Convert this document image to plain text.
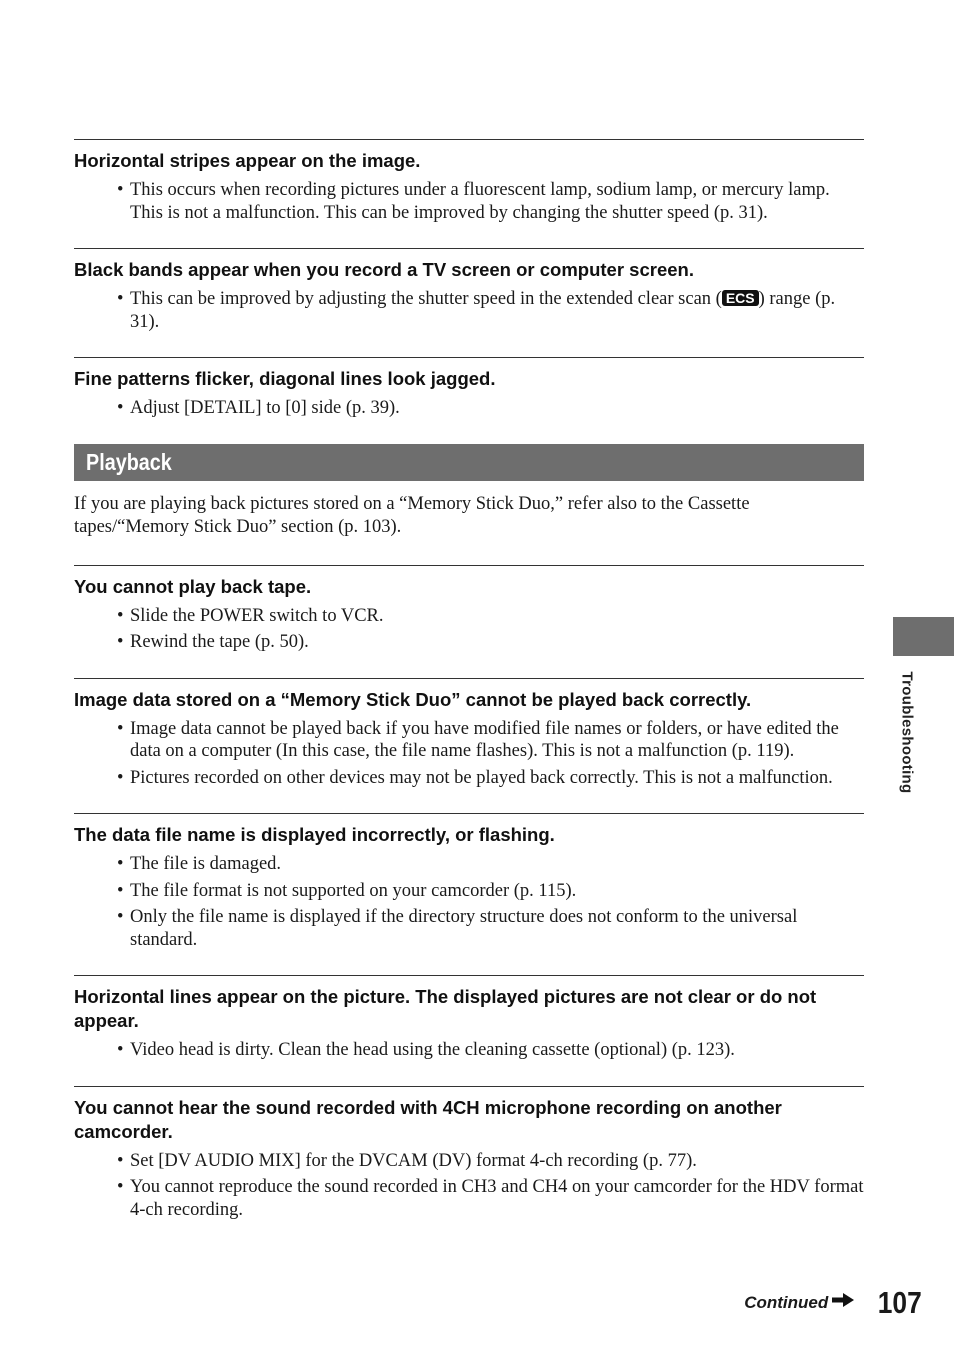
Horizontal stripes appear on the image.
• This occurs when recording pictures under a fluorescent lamp, sodium lamp, or mercury lamp. This is not a malfunction. This can be improved by changing the shutter speed (p. 31).
Black bands appear when you record a TV screen or computer screen.
• This can be improved by adjusting the shutter speed in the extended clear scan ( ECS ) range (p. 31).
Fine patterns flicker, diagonal lines look jagged.
• Adjust [DETAIL] to [0] side (p. 39).
Playback

If you are playing back pictures stored on a “Memory Stick Duo,” refer also to the Cassette tapes/“Memory Stick Duo” section (p. 103).

You cannot play back tape.
• Slide the POWER switch to VCR.
• Rewind the tape (p. 50).
Image data stored on a “Memory Stick Duo” cannot be played back correctly.
• Image data cannot be played back if you have modified file names or folders, or have edited the data on a computer (In this case, the file name flashes). This is not a malfunction (p. 119).
• Pictures recorded on other devices may not be played back correctly. This is not a malfunction.
The data file name is displayed incorrectly, or flashing.
• The file is damaged.
• The file format is not supported on your camcorder (p. 115).
• Only the file name is displayed if the directory structure does not conform to the universal standard.
Horizontal lines appear on the picture. The displayed pictures are not clear or do not appear.
• Video head is dirty. Clean the head using the cleaning cassette (optional) (p. 123).
You cannot hear the sound recorded with 4CH microphone recording on another camcorder.
• Set [DV AUDIO MIX] for the DVCAM (DV) format 4-ch recording (p. 77).
• You cannot reproduce the sound recorded in CH3 and CH4 on your camcorder for the HDV format 4-ch recording.
Troubleshooting
Continued 107
